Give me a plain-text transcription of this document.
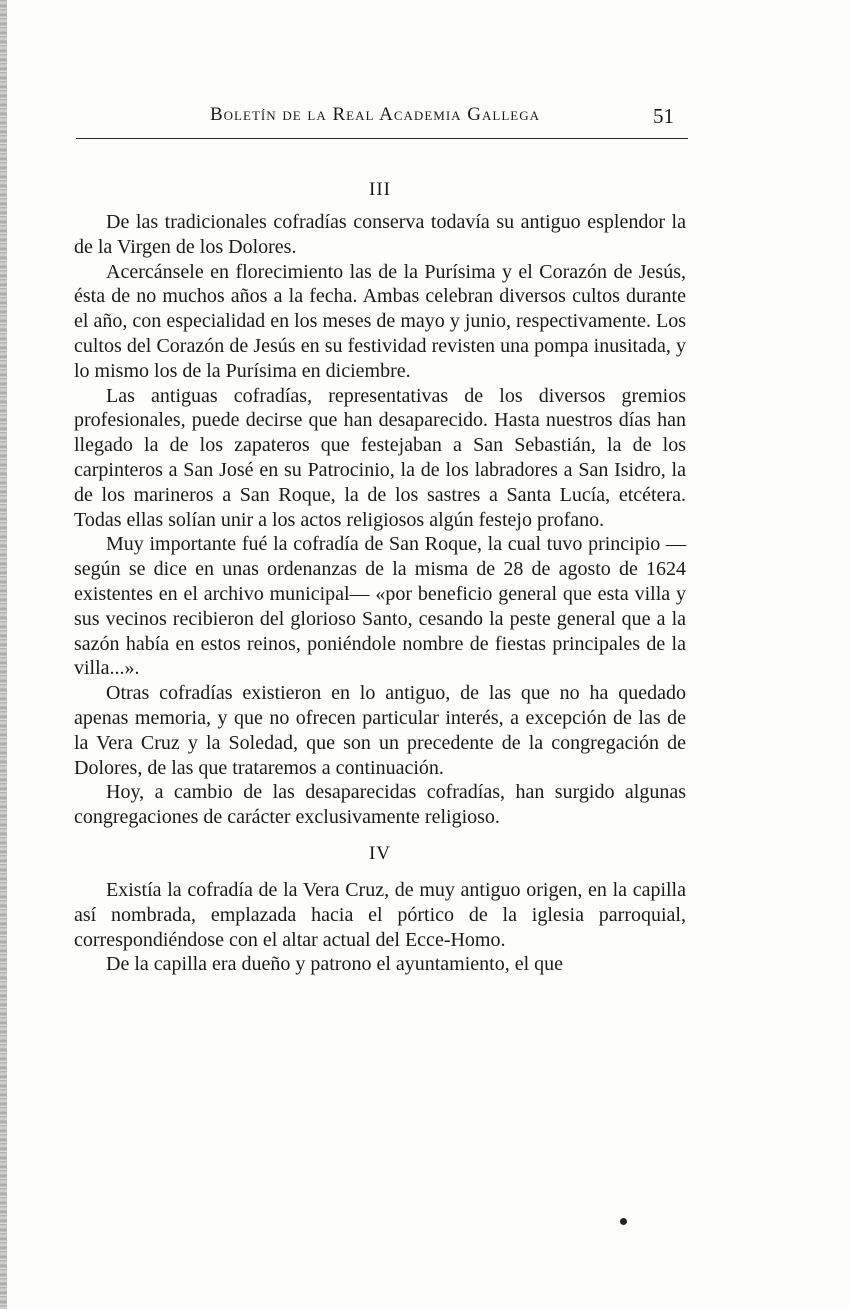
Boletín de la Real Academia Gallega	51
III

De las tradicionales cofradías conserva todavía su antiguo esplendor la de la Virgen de los Dolores.

Acercánsele en florecimiento las de la Purísima y el Corazón de Jesús, ésta de no muchos años a la fecha. Ambas celebran diversos cultos durante el año, con especialidad en los meses de mayo y junio, respectivamente. Los cultos del Corazón de Jesús en su festividad revisten una pompa inusitada, y lo mismo los de la Purísima en diciembre.

Las antiguas cofradías, representativas de los diversos gremios profesionales, puede decirse que han desaparecido. Hasta nuestros días han llegado la de los zapateros que festejaban a San Sebastián, la de los carpinteros a San José en su Patrocinio, la de los labradores a San Isidro, la de los marineros a San Roque, la de los sastres a Santa Lucía, etcétera. Todas ellas solían unir a los actos religiosos algún festejo profano.

Muy importante fué la cofradía de San Roque, la cual tuvo principio —según se dice en unas ordenanzas de la misma de 28 de agosto de 1624 existentes en el archivo municipal— «por beneficio general que esta villa y sus vecinos recibieron del glorioso Santo, cesando la peste general que a la sazón había en estos reinos, poniéndole nombre de fiestas principales de la villa...».

Otras cofradías existieron en lo antiguo, de las que no ha quedado apenas memoria, y que no ofrecen particular interés, a excepción de las de la Vera Cruz y la Soledad, que son un precedente de la congregación de Dolores, de las que trataremos a continuación.

Hoy, a cambio de las desaparecidas cofradías, han surgido algunas congregaciones de carácter exclusivamente religioso.

IV

Existía la cofradía de la Vera Cruz, de muy antiguo origen, en la capilla así nombrada, emplazada hacia el pórtico de la iglesia parroquial, correspondiéndose con el altar actual del Ecce-Homo.

De la capilla era dueño y patrono el ayuntamiento, el que
